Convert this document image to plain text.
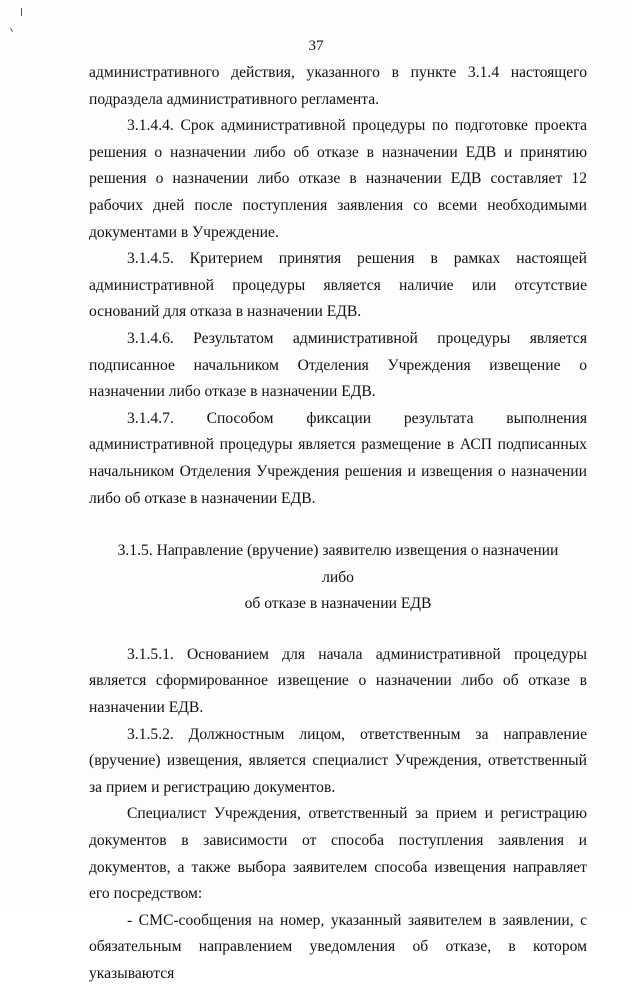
37

административного действия, указанного в пункте 3.1.4 настоящего подраздела административного регламента.

3.1.4.4. Срок административной процедуры по подготовке проекта решения о назначении либо об отказе в назначении ЕДВ и принятию решения о назначении либо отказе в назначении ЕДВ составляет 12 рабочих дней после поступления заявления со всеми необходимыми документами в Учреждение.

3.1.4.5. Критерием принятия решения в рамках настоящей административной процедуры является наличие или отсутствие оснований для отказа в назначении ЕДВ.

3.1.4.6. Результатом административной процедуры является подписанное начальником Отделения Учреждения извещение о назначении либо отказе в назначении ЕДВ.

3.1.4.7. Способом фиксации результата выполнения административной процедуры является размещение в АСП подписанных начальником Отделения Учреждения решения и извещения о назначении либо об отказе в назначении ЕДВ.

3.1.5. Направление (вручение) заявителю извещения о назначении либо
об отказе в назначении ЕДВ

3.1.5.1. Основанием для начала административной процедуры является сформированное извещение о назначении либо об отказе в назначении ЕДВ.

3.1.5.2. Должностным лицом, ответственным за направление (вручение) извещения, является специалист Учреждения, ответственный за прием и регистрацию документов.

Специалист Учреждения, ответственный за прием и регистрацию документов в зависимости от способа поступления заявления и документов, а также выбора заявителем способа извещения направляет его посредством:

- СМС-сообщения на номер, указанный заявителем в заявлении, с обязательным направлением уведомления об отказе, в котором указываются
